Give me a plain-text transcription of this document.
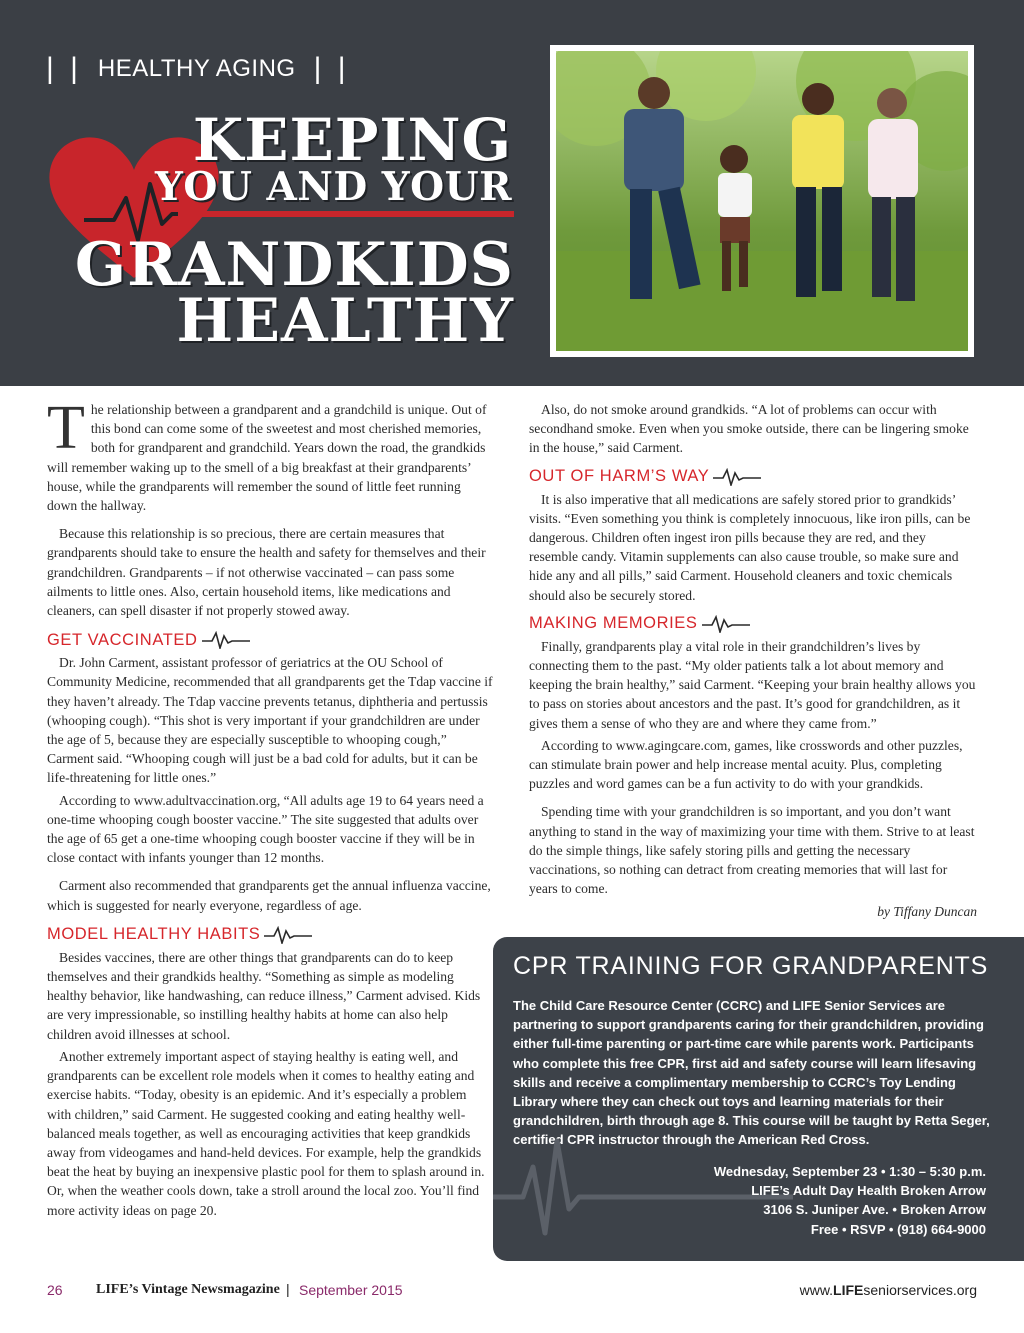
| | HEALTHY AGING | |
KEEPING
YOU AND YOUR
GRANDKIDS
HEALTHY

The relationship between a grandparent and a grandchild is unique. Out of this bond can come some of the sweetest and most cherished memories, both for grandparent and grandchild. Years down the road, the grandkids will remember waking up to the smell of a big breakfast at their grandparents’ house, while the grandparents will remember the sound of little feet running down the hallway.

Because this relationship is so precious, there are certain measures that grandparents should take to ensure the health and safety for themselves and their grandchildren. Grandparents – if not otherwise vaccinated – can pass some ailments to little ones. Also, certain household items, like medications and cleaners, can spell disaster if not properly stowed away.

GET VACCINATED

Dr. John Carment, assistant professor of geriatrics at the OU School of Community Medicine, recommended that all grandparents get the Tdap vaccine if they haven’t already. The Tdap vaccine prevents tetanus, diphtheria and pertussis (whooping cough). “This shot is very important if your grandchildren are under the age of 5, because they are especially susceptible to whooping cough,” Carment said. “Whooping cough will just be a bad cold for adults, but it can be life-threatening for little ones.”

According to www.adultvaccination.org, “All adults age 19 to 64 years need a one-time whooping cough booster vaccine.” The site suggested that adults over the age of 65 get a one-time whooping cough booster vaccine if they will be in close contact with infants younger than 12 months.

Carment also recommended that grandparents get the annual influenza vaccine, which is suggested for nearly everyone, regardless of age.

MODEL HEALTHY HABITS

Besides vaccines, there are other things that grandparents can do to keep themselves and their grandkids healthy. “Something as simple as modeling healthy behavior, like handwashing, can reduce illness,” Carment advised. Kids are very impressionable, so instilling healthy habits at home can also help children avoid illnesses at school.

Another extremely important aspect of staying healthy is eating well, and grandparents can be excellent role models when it comes to healthy eating and exercise habits. “Today, obesity is an epidemic. And it’s especially a problem with children,” said Carment. He suggested cooking and eating healthy well-balanced meals together, as well as encouraging activities that keep grandkids away from videogames and hand-held devices. For example, help the grandkids beat the heat by buying an inexpensive plastic pool for them to splash around in. Or, when the weather cools down, take a stroll around the local zoo. You’ll find more activity ideas on page 20.

Also, do not smoke around grandkids. “A lot of problems can occur with secondhand smoke. Even when you smoke outside, there can be lingering smoke in the house,” said Carment.

OUT OF HARM’S WAY

It is also imperative that all medications are safely stored prior to grandkids’ visits. “Even something you think is completely innocuous, like iron pills, can be dangerous. Children often ingest iron pills because they are red, and they resemble candy. Vitamin supplements can also cause trouble, so make sure and hide any and all pills,” said Carment. Household cleaners and toxic chemicals should also be securely stored.

MAKING MEMORIES

Finally, grandparents play a vital role in their grandchildren’s lives by connecting them to the past. “My older patients talk a lot about memory and keeping the brain healthy,” said Carment. “Keeping your brain healthy allows you to pass on stories about ancestors and the past. It’s good for grandchildren, as it gives them a sense of who they are and where they came from.”

According to www.agingcare.com, games, like crosswords and other puzzles, can stimulate brain power and help increase mental acuity. Plus, completing puzzles and word games can be a fun activity to do with your grandkids.

Spending time with your grandchildren is so important, and you don’t want anything to stand in the way of maximizing your time with them. Strive to at least do the simple things, like safely storing pills and getting the necessary vaccinations, so nothing can detract from creating memories that will last for years to come.

by Tiffany Duncan
CPR TRAINING FOR GRANDPARENTS
The Child Care Resource Center (CCRC) and LIFE Senior Services are partnering to support grandparents caring for their grandchildren, providing either full-time parenting or part-time care while parents work. Participants who complete this free CPR, first aid and safety course will learn lifesaving skills and receive a complimentary membership to CCRC’s Toy Lending Library where they can check out toys and learning materials for their grandchildren, birth through age 8. This course will be taught by Retta Seger, certified CPR instructor through the American Red Cross.
Wednesday, September 23 • 1:30 – 5:30 p.m.
LIFE’s Adult Day Health Broken Arrow
3106 S. Juniper Ave. • Broken Arrow
Free • RSVP • (918) 664-9000
26 LIFE’s Vintage Newsmagazine | September 2015	www.LIFEseniorservices.org
